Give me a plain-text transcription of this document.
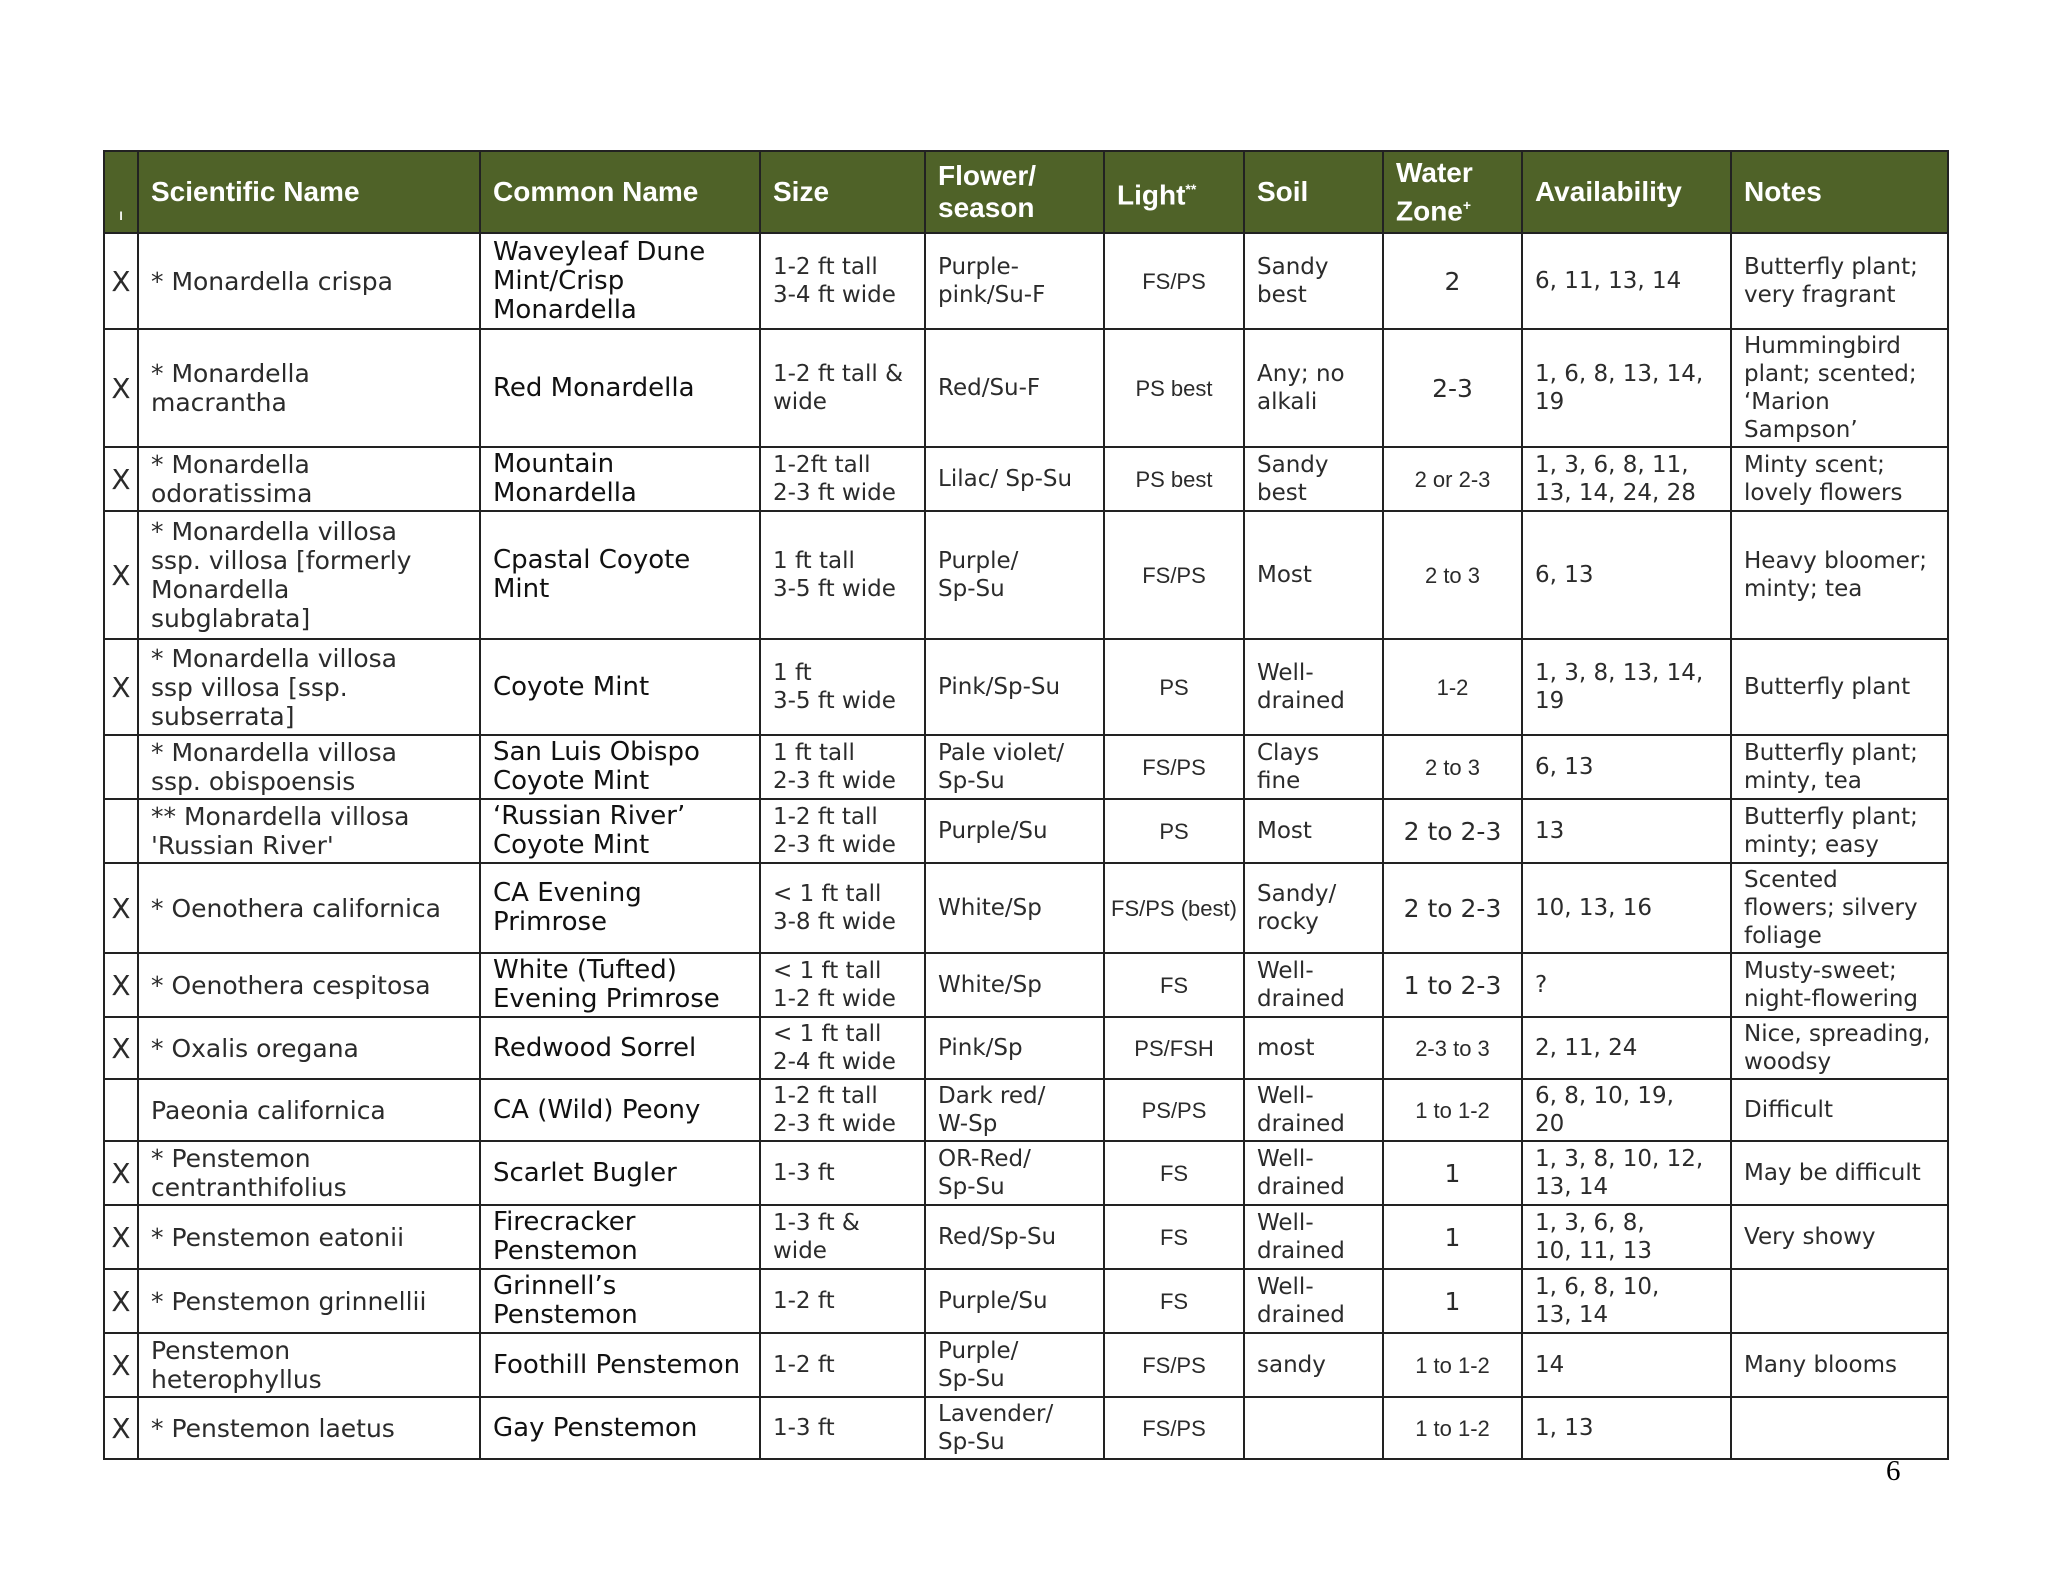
I	Scientific Name	Common Name	Size	Flower/
season	Light**	Soil	Water
Zone+	Availability	Notes
X	* Monardella crispa	Waveyleaf Dune
Mint/Crisp
Monardella	1-2 ft tall
3-4 ft wide	Purple-
pink/Su-F	FS/PS	Sandy
best	2	6, 11, 13, 14	Butterfly plant;
very fragrant
X	* Monardella
macrantha	Red Monardella	1-2 ft tall &
wide	Red/Su-F	PS best	Any; no
alkali	2-3	1, 6, 8, 13, 14,
19	Hummingbird
plant; scented;
‘Marion
Sampson’
X	* Monardella
odoratissima	Mountain
Monardella	1-2ft tall
2-3 ft wide	Lilac/ Sp-Su	PS best	Sandy
best	2 or 2-3	1, 3, 6, 8, 11,
13, 14, 24, 28	Minty scent;
lovely flowers
X	* Monardella villosa
ssp. villosa [formerly
Monardella
subglabrata]	Cpastal Coyote
Mint	1 ft tall
3-5 ft wide	Purple/
Sp-Su	FS/PS	Most	2 to 3	6, 13	Heavy bloomer;
minty; tea
X	* Monardella villosa
ssp villosa [ssp.
subserrata]	Coyote Mint	1 ft
3-5 ft wide	Pink/Sp-Su	PS	Well-
drained	1-2	1, 3, 8, 13, 14,
19	Butterfly plant
	* Monardella villosa
ssp. obispoensis	San Luis Obispo
Coyote Mint	1 ft tall
2-3 ft wide	Pale violet/
Sp-Su	FS/PS	Clays
fine	2 to 3	6, 13	Butterfly plant;
minty, tea
	** Monardella villosa
'Russian River'	‘Russian River’
Coyote Mint	1-2 ft tall
2-3 ft wide	Purple/Su	PS	Most	2 to 2-3	13	Butterfly plant;
minty; easy
X	* Oenothera californica	CA Evening
Primrose	< 1 ft tall
3-8 ft wide	White/Sp	FS/PS (best)	Sandy/
rocky	2 to 2-3	10, 13, 16	Scented
flowers; silvery
foliage
X	* Oenothera cespitosa	White (Tufted)
Evening Primrose	< 1 ft tall
1-2 ft wide	White/Sp	FS	Well-
drained	1 to 2-3	?	Musty-sweet;
night-flowering
X	* Oxalis oregana	Redwood Sorrel	< 1 ft tall
2-4 ft wide	Pink/Sp	PS/FSH	most	2-3 to 3	2, 11, 24	Nice, spreading,
woodsy
	Paeonia californica	CA (Wild) Peony	1-2 ft tall
2-3 ft wide	Dark red/
W-Sp	PS/PS	Well-
drained	1 to 1-2	6, 8, 10, 19,
20	Difficult
X	* Penstemon
centranthifolius	Scarlet Bugler	1-3 ft	OR-Red/
Sp-Su	FS	Well-
drained	1	1, 3, 8, 10, 12,
13, 14	May be difficult
X	* Penstemon eatonii	Firecracker
Penstemon	1-3 ft &
wide	Red/Sp-Su	FS	Well-
drained	1	1, 3, 6, 8,
10, 11, 13	Very showy
X	* Penstemon grinnellii	Grinnell’s
Penstemon	1-2 ft	Purple/Su	FS	Well-
drained	1	1, 6, 8, 10,
13, 14	
X	Penstemon
heterophyllus	Foothill Penstemon	1-2 ft	Purple/
Sp-Su	FS/PS	sandy	1 to 1-2	14	Many blooms
X	* Penstemon laetus	Gay Penstemon	1-3 ft	Lavender/
Sp-Su	FS/PS		1 to 1-2	1, 13	
6
